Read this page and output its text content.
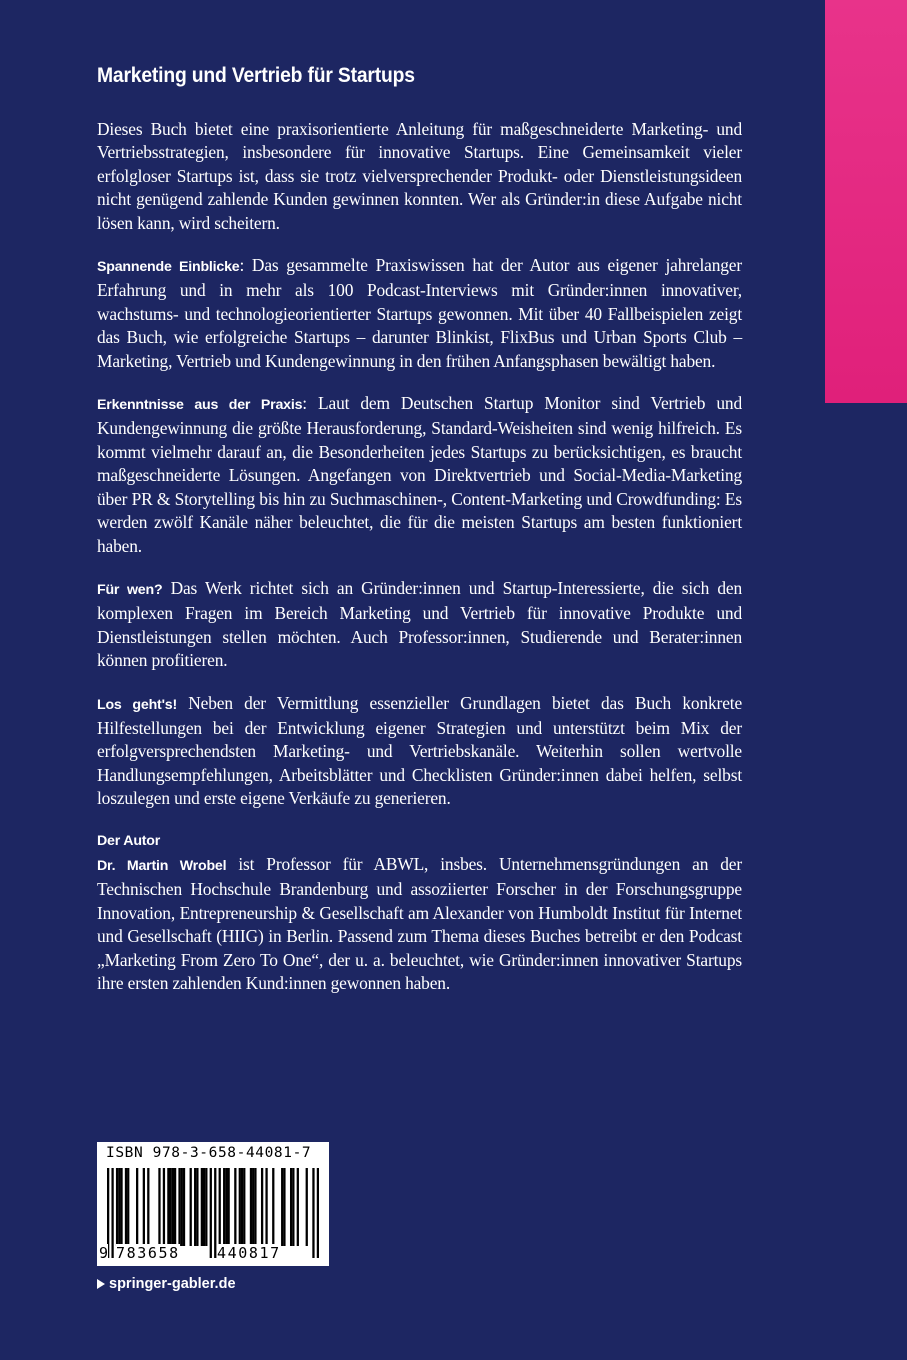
Marketing und Vertrieb für Startups

Dieses Buch bietet eine praxisorientierte Anleitung für maßgeschneiderte Marketing- und Vertriebsstrategien, insbesondere für innovative Startups. Eine Gemeinsamkeit vieler erfolgloser Startups ist, dass sie trotz vielversprechender Produkt- oder Dienstleistungsideen nicht genügend zahlende Kunden gewinnen konnten. Wer als Gründer:in diese Aufgabe nicht lösen kann, wird scheitern.

Spannende Einblicke: Das gesammelte Praxiswissen hat der Autor aus eigener jahrelanger Erfahrung und in mehr als 100 Podcast-Interviews mit Gründer:innen innovativer, wachstums- und technologieorientierter Startups gewonnen. Mit über 40 Fallbeispielen zeigt das Buch, wie erfolgreiche Startups – darunter Blinkist, FlixBus und Urban Sports Club – Marketing, Vertrieb und Kundengewinnung in den frühen Anfangsphasen bewältigt haben.

Erkenntnisse aus der Praxis: Laut dem Deutschen Startup Monitor sind Vertrieb und Kundengewinnung die größte Herausforderung, Standard-Weisheiten sind wenig hilfreich. Es kommt vielmehr darauf an, die Besonderheiten jedes Startups zu berücksichtigen, es braucht maßgeschneiderte Lösungen. Angefangen von Direktvertrieb und Social-Media-Marketing über PR & Storytelling bis hin zu Suchmaschinen-, Content-Marketing und Crowdfunding: Es werden zwölf Kanäle näher beleuchtet, die für die meisten Startups am besten funktioniert haben.

Für wen? Das Werk richtet sich an Gründer:innen und Startup-Interessierte, die sich den komplexen Fragen im Bereich Marketing und Vertrieb für innovative Produkte und Dienstleistungen stellen möchten. Auch Professor:innen, Studierende und Berater:innen können profitieren.

Los geht's! Neben der Vermittlung essenzieller Grundlagen bietet das Buch konkrete Hilfestellungen bei der Entwicklung eigener Strategien und unterstützt beim Mix der erfolgversprechendsten Marketing- und Vertriebskanäle. Weiterhin sollen wertvolle Handlungsempfehlungen, Arbeitsblätter und Checklisten Gründer:innen dabei helfen, selbst loszulegen und erste eigene Verkäufe zu generieren.

Der Autor

Dr. Martin Wrobel ist Professor für ABWL, insbes. Unternehmensgründungen an der Technischen Hochschule Brandenburg und assoziierter Forscher in der Forschungsgruppe Innovation, Entrepreneurship & Gesellschaft am Alexander von Humboldt Institut für Internet und Gesellschaft (HIIG) in Berlin. Passend zum Thema dieses Buches betreibt er den Podcast „Marketing From Zero To One“, der u. a. beleuchtet, wie Gründer:innen innovativer Startups ihre ersten zahlenden Kund:innen gewonnen haben.

ISBN 978-3-658-44081-7
9 783658 440817
springer-gabler.de
